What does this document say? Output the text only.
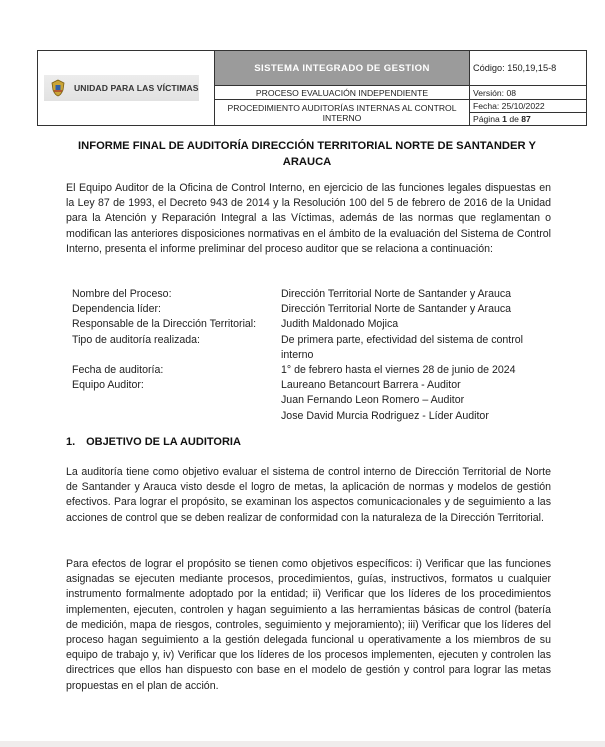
UNIDAD PARA LAS VÍCTIMAS	SISTEMA INTEGRADO DE GESTION	Código: 150,19,15-8
	PROCESO EVALUACIÓN INDEPENDIENTE	Versión: 08
	PROCEDIMIENTO AUDITORÍAS INTERNAS AL CONTROL INTERNO	Fecha: 25/10/2022
Página 1 de 87
INFORME FINAL DE AUDITORÍA DIRECCIÓN TERRITORIAL NORTE DE SANTANDER Y ARAUCA
El Equipo Auditor de la Oficina de Control Interno, en ejercicio de las funciones legales dispuestas en la Ley 87 de 1993, el Decreto 943 de 2014 y la Resolución 100 del 5 de febrero de 2016 de la Unidad para la Atención y Reparación Integral a las Víctimas, además de las normas que reglamentan o modifican las anteriores disposiciones normativas en el ámbito de la evaluación del Sistema de Control Interno, presenta el informe preliminar del proceso auditor que se relaciona a continuación:
Nombre del Proceso:	Dirección Territorial Norte de Santander y Arauca
Dependencia líder:	Dirección Territorial Norte de Santander y Arauca
Responsable de la Dirección Territorial:	Judith Maldonado Mojica
Tipo de auditoría realizada:	De primera parte, efectividad del sistema de control interno
Fecha de auditoría:	1° de febrero hasta el viernes 28 de junio de 2024
Equipo Auditor:	Laureano Betancourt Barrera - Auditor
Juan Fernando Leon Romero – Auditor
Jose David Murcia Rodriguez - Líder Auditor
1. OBJETIVO DE LA AUDITORIA
La auditoría tiene como objetivo evaluar el sistema de control interno de Dirección Territorial de Norte de Santander y Arauca visto desde el logro de metas, la aplicación de normas y modelos de gestión efectivos. Para lograr el propósito, se examinan los aspectos comunicacionales y de seguimiento a las acciones de control que se deben realizar de conformidad con la naturaleza de la Dirección Territorial.
Para efectos de lograr el propósito se tienen como objetivos específicos: i) Verificar que las funciones asignadas se ejecuten mediante procesos, procedimientos, guías, instructivos, formatos u cualquier instrumento formalmente adoptado por la entidad; ii) Verificar que los líderes de los procedimientos implementen, ejecuten, controlen y hagan seguimiento a las herramientas básicas de control (batería de medición, mapa de riesgos, controles, seguimiento y mejoramiento); iii) Verificar que los líderes del proceso hagan seguimiento a la gestión delegada funcional u operativamente a los miembros de su equipo de trabajo y, iv) Verificar que los líderes de los procesos implementen, ejecuten y controlen las directrices que ellos han dispuesto con base en el modelo de gestión y control para lograr las metas propuestas en el plan de acción.
